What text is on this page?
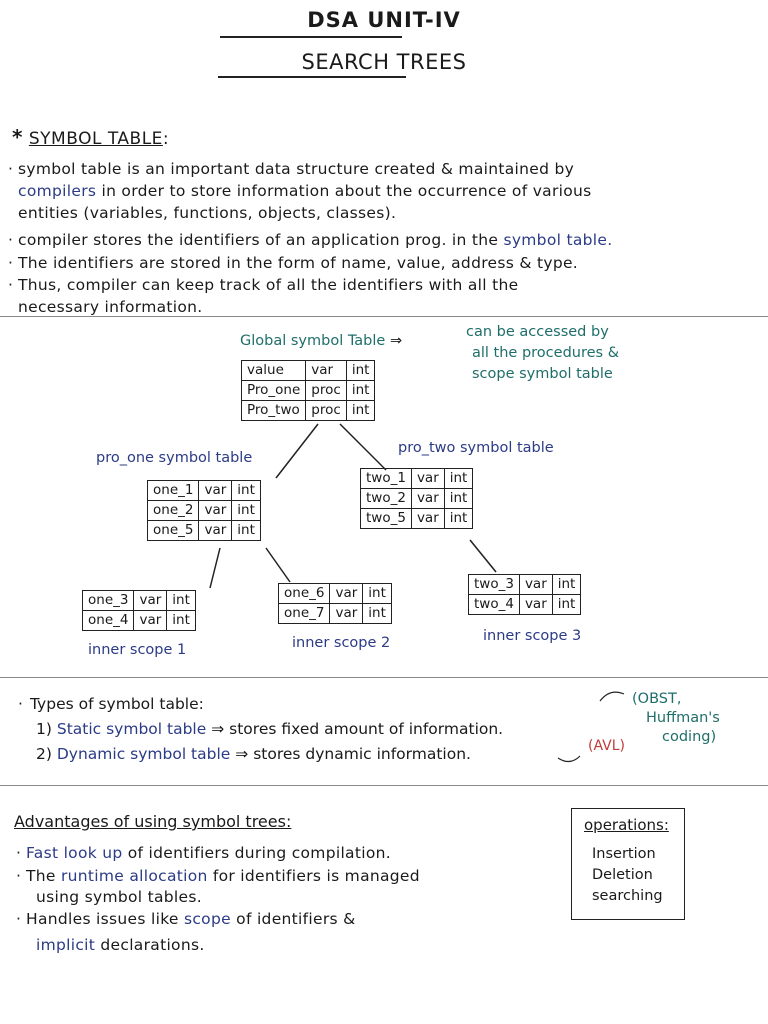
DSA UNIT-IV
SEARCH TREES
* SYMBOL TABLE:
· symbol table is an important data structure created & maintained by
compilers in order to store information about the occurrence of various
entities (variables, functions, objects, classes).
· compiler stores the identifiers of an application prog. in the symbol table.
· The identifiers are stored in the form of name, value, address & type.
· Thus, compiler can keep track of all the identifiers with all the
necessary information.
Global symbol Table ⇒
can be accessed by
all the procedures &
scope symbol table
value	var	int
Pro_one	proc	int
Pro_two	proc	int
pro_one symbol table
one_1	var	int
one_2	var	int
one_5	var	int
pro_two symbol table
two_1	var	int
two_2	var	int
two_5	var	int
one_3	var	int
one_4	var	int
inner scope 1
one_6	var	int
one_7	var	int
inner scope 2
two_3	var	int
two_4	var	int
inner scope 3
· Types of symbol table:
1) Static symbol table ⇒ stores fixed amount of information.
2) Dynamic symbol table ⇒ stores dynamic information.
(OBST,
Huffman's
coding)
(AVL)
Advantages of using symbol trees:
· Fast look up of identifiers during compilation.
· The runtime allocation for identifiers is managed
using symbol tables.
· Handles issues like scope of identifiers &
implicit declarations.
operations:
Insertion
Deletion
searching
